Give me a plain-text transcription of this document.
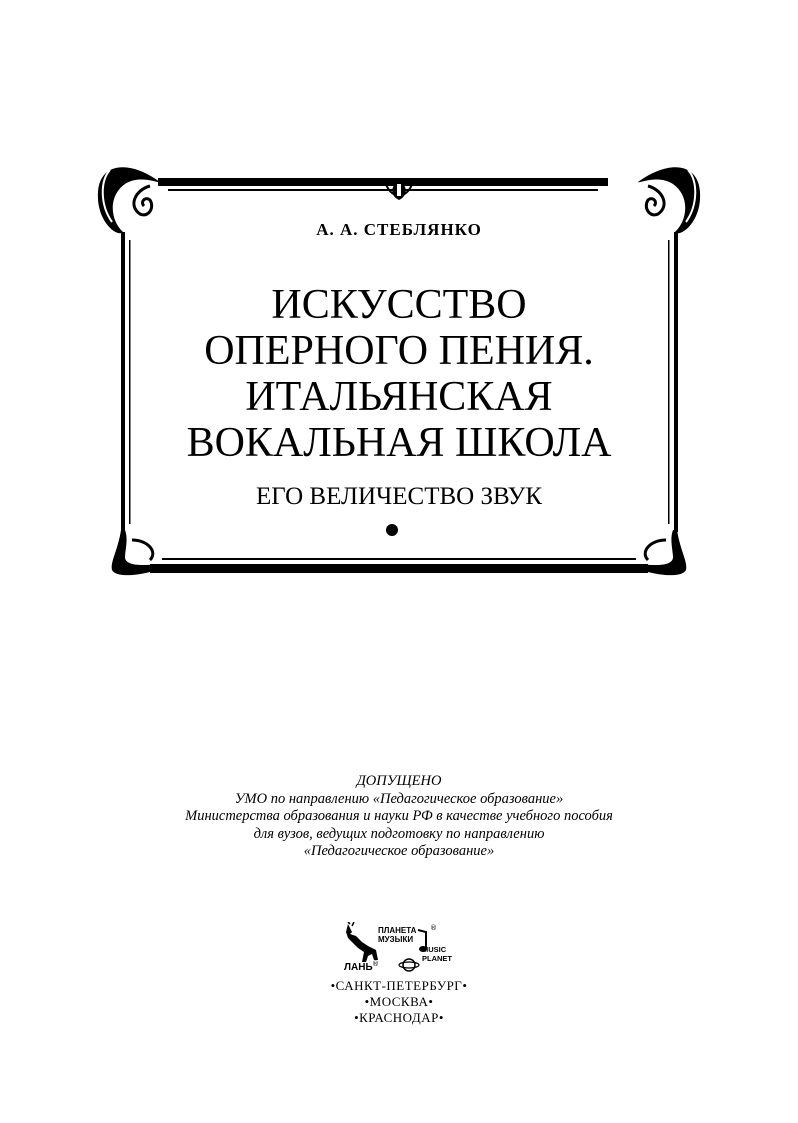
А. А. СТЕБЛЯНКО
ИСКУССТВО
ОПЕРНОГО ПЕНИЯ.
ИТАЛЬЯНСКАЯ
ВОКАЛЬНАЯ ШКОЛА
ЕГО ВЕЛИЧЕСТВО ЗВУК
ДОПУЩЕНО
УМО по направлению «Педагогическое образование»
Министерства образования и науки РФ в качестве учебного пособия
для вузов, ведущих подготовку по направлению
«Педагогическое образование»
ЛАНЬ ®
ПЛАНЕТА
МУЗЫКИ
®
MUSIC
PLANET
•САНКТ-ПЕТЕРБУРГ•
•МОСКВА•
•КРАСНОДАР•
